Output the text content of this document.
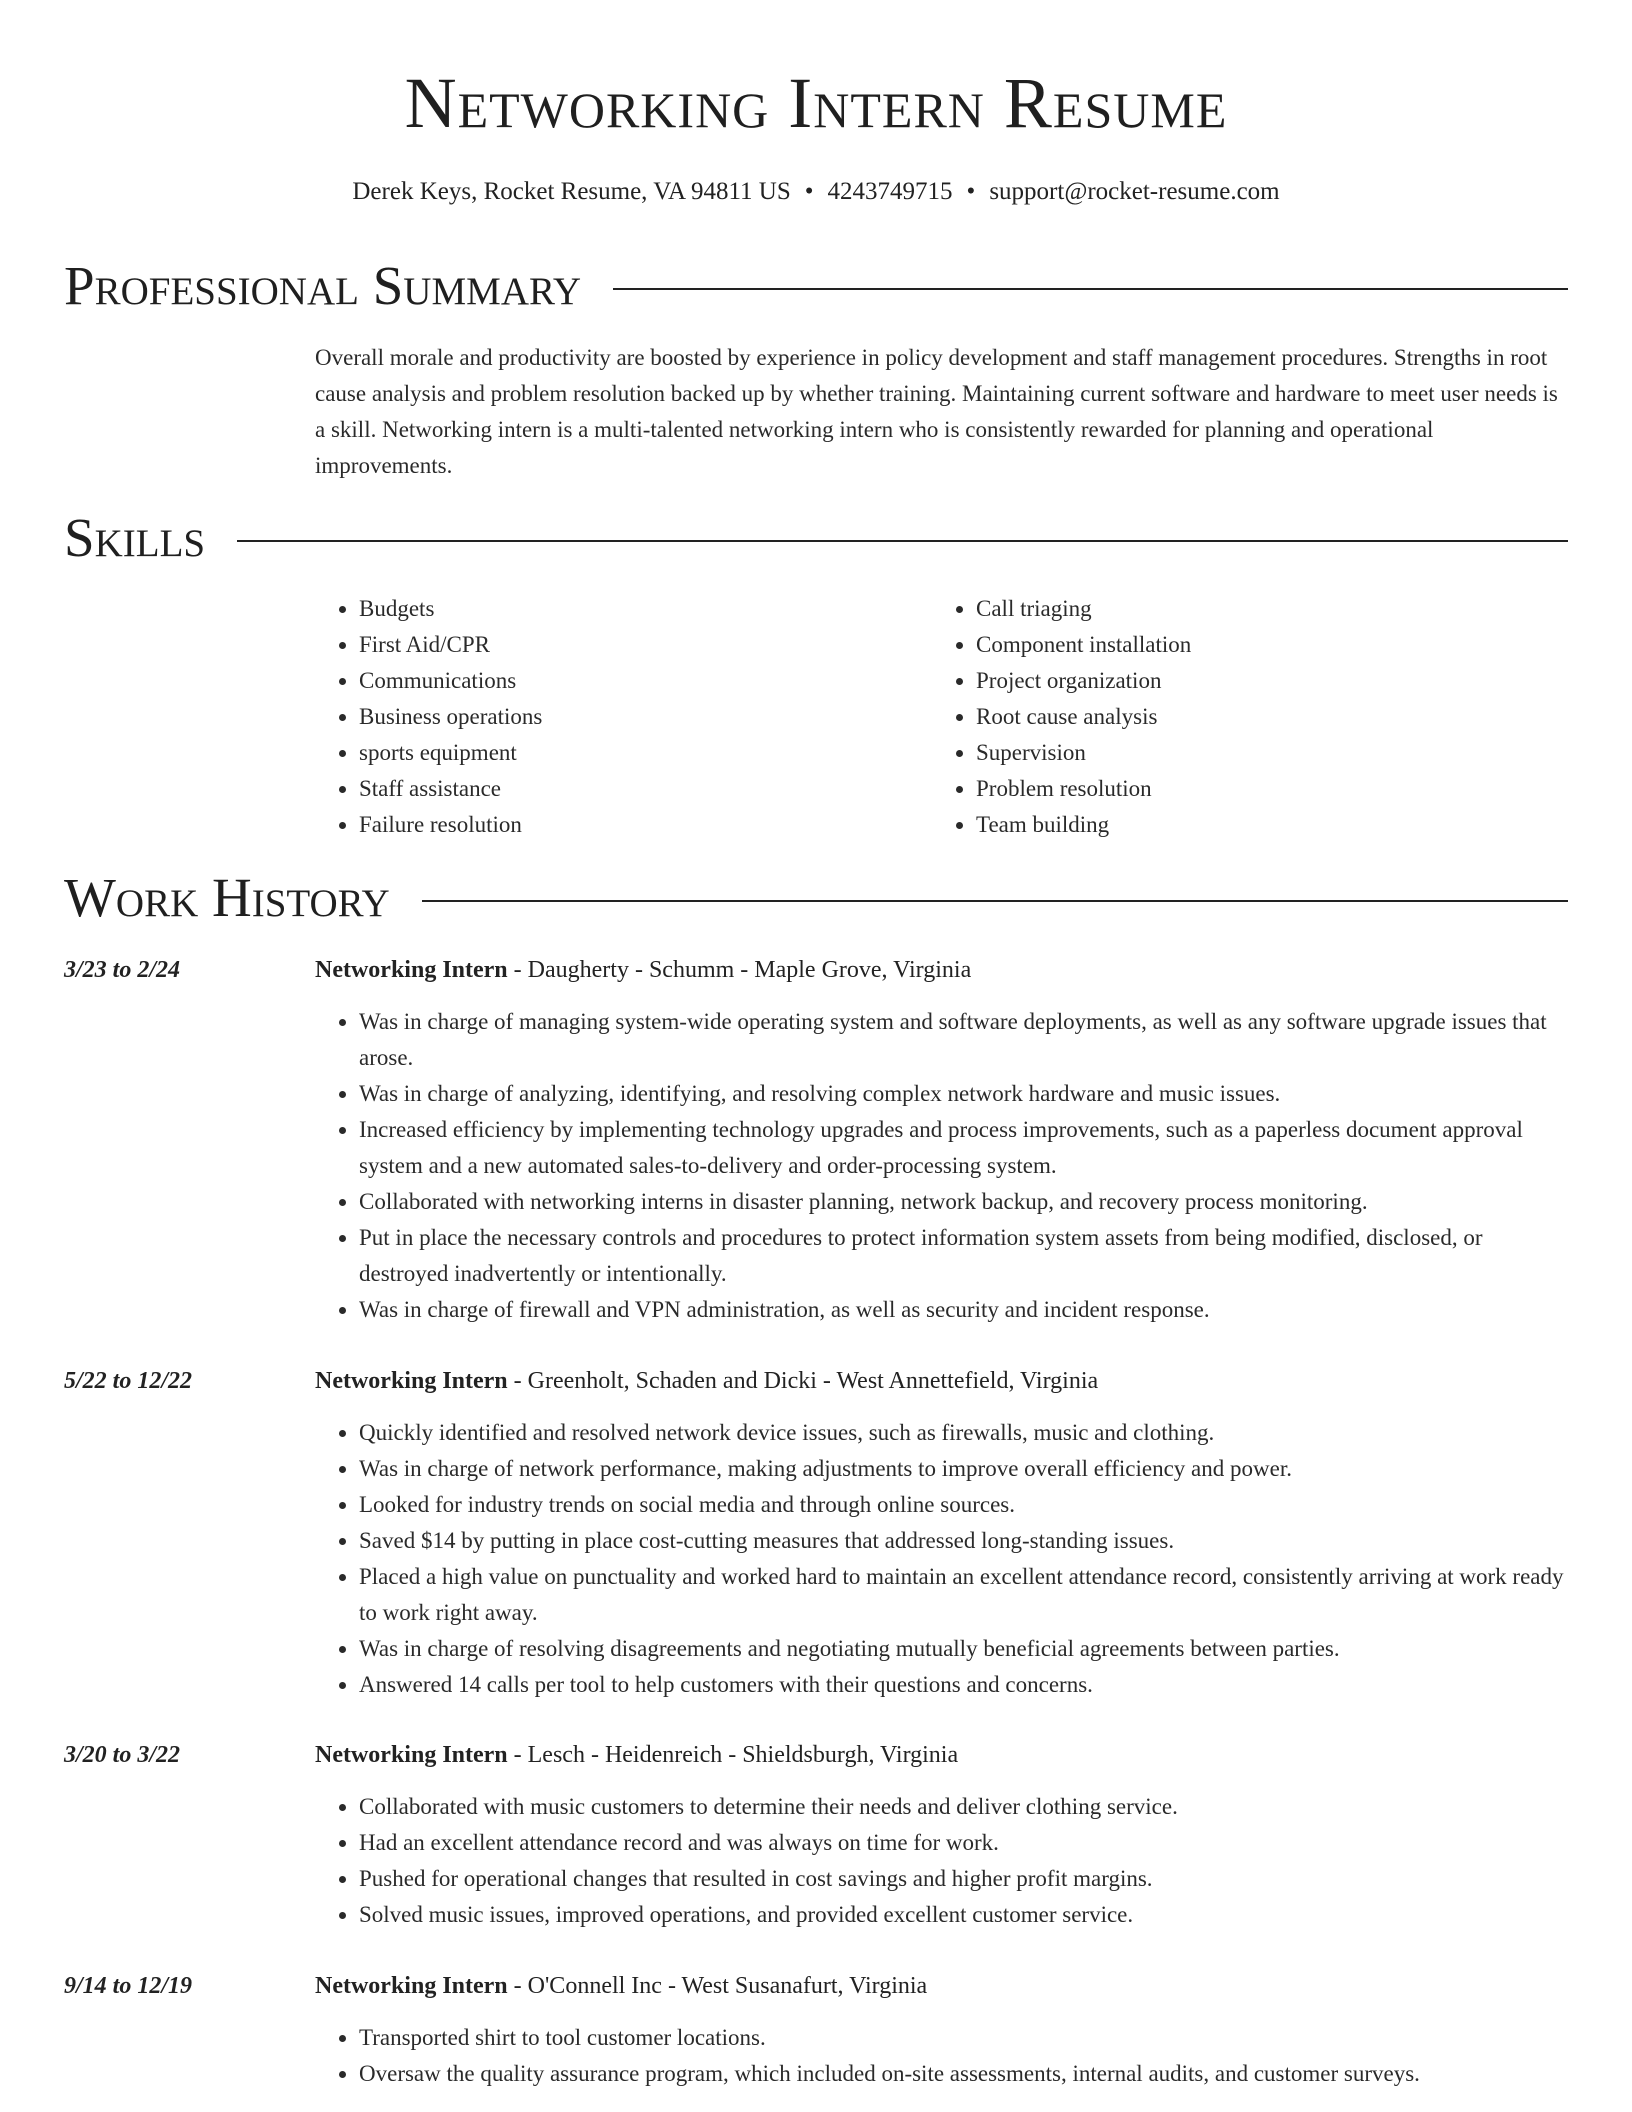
Networking Intern Resume
Derek Keys, Rocket Resume, VA 94811 US • 4243749715 • support@rocket-resume.com
Professional Summary

Overall morale and productivity are boosted by experience in policy development and staff management procedures. Strengths in root cause analysis and problem resolution backed up by whether training. Maintaining current software and hardware to meet user needs is a skill. Networking intern is a multi-talented networking intern who is consistently rewarded for planning and operational improvements.

Skills
• Budgets
• First Aid/CPR
• Communications
• Business operations
• sports equipment
• Staff assistance
• Failure resolution
• Call triaging
• Component installation
• Project organization
• Root cause analysis
• Supervision
• Problem resolution
• Team building
Work History
3/23 to 2/24	Networking Intern - Daugherty - Schumm - Maple Grove, Virginia
• Was in charge of managing system-wide operating system and software deployments, as well as any software upgrade issues that arose.
• Was in charge of analyzing, identifying, and resolving complex network hardware and music issues.
• Increased efficiency by implementing technology upgrades and process improvements, such as a paperless document approval system and a new automated sales-to-delivery and order-processing system.
• Collaborated with networking interns in disaster planning, network backup, and recovery process monitoring.
• Put in place the necessary controls and procedures to protect information system assets from being modified, disclosed, or destroyed inadvertently or intentionally.
• Was in charge of firewall and VPN administration, as well as security and incident response.
5/22 to 12/22	Networking Intern - Greenholt, Schaden and Dicki - West Annettefield, Virginia
• Quickly identified and resolved network device issues, such as firewalls, music and clothing.
• Was in charge of network performance, making adjustments to improve overall efficiency and power.
• Looked for industry trends on social media and through online sources.
• Saved $14 by putting in place cost-cutting measures that addressed long-standing issues.
• Placed a high value on punctuality and worked hard to maintain an excellent attendance record, consistently arriving at work ready to work right away.
• Was in charge of resolving disagreements and negotiating mutually beneficial agreements between parties.
• Answered 14 calls per tool to help customers with their questions and concerns.
3/20 to 3/22	Networking Intern - Lesch - Heidenreich - Shieldsburgh, Virginia
• Collaborated with music customers to determine their needs and deliver clothing service.
• Had an excellent attendance record and was always on time for work.
• Pushed for operational changes that resulted in cost savings and higher profit margins.
• Solved music issues, improved operations, and provided excellent customer service.
9/14 to 12/19	Networking Intern - O'Connell Inc - West Susanafurt, Virginia
• Transported shirt to tool customer locations.
• Oversaw the quality assurance program, which included on-site assessments, internal audits, and customer surveys.
